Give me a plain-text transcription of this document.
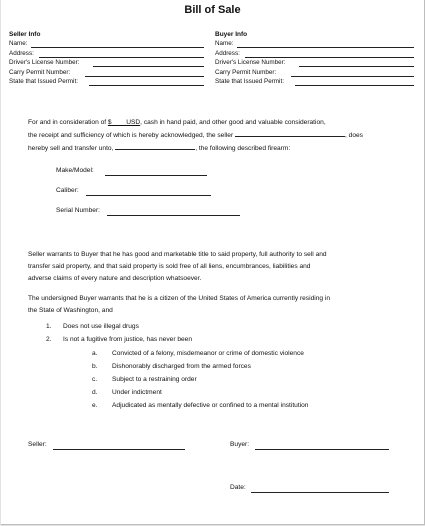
Bill of Sale
Seller Info
Name:
Address:
Driver's License Number:
Carry Permit Number:
State that Issued Permit:
Buyer Info
Name:
Address:
Driver's License Number:
Carry Permit Number:
State that Issued Permit:
For and in consideration of $        USD, cash in hand paid, and other good and valuable consideration,
the receipt and sufficiency of which is hereby acknowledged, the seller	, does
hereby sell and transfer unto,	, the following described firearm:
Make/Model:
Caliber:
Serial Number:
Seller warrants to Buyer that he has good and marketable title to said property, full authority to sell and
transfer said property, and that said property is sold free of all liens, encumbrances, liabilities and
adverse claims of every nature and description whatsoever.
The undersigned Buyer warrants that he is a citizen of the United States of America currently residing in
the State of Washington, and
1. Does not use illegal drugs
2. Is not a fugitive from justice, has never been
a. Convicted of a felony, misdemeanor or crime of domestic violence
b. Dishonorably discharged from the armed forces
c. Subject to a restraining order
d. Under indictment
e. Adjudicated as mentally defective or confined to a mental institution
Seller:	Buyer:
Date:
